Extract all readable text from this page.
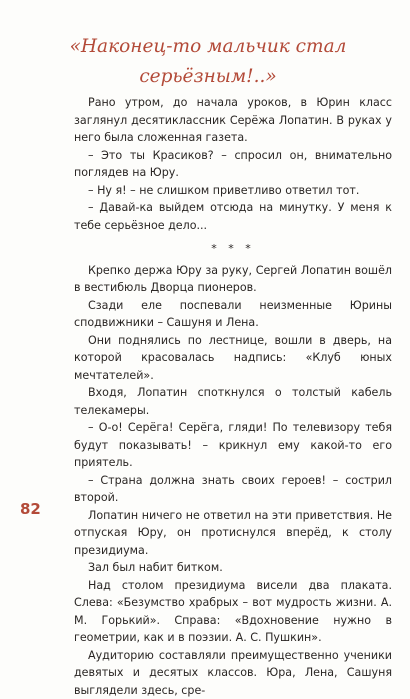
«Наконец-то мальчик стал
серьёзным!..»

Рано утром, до начала уроков, в Юрин класс заглянул десятиклассник Серёжа Лопатин. В руках у него была сложенная газета.

– Это ты Красиков? – спросил он, внимательно поглядев на Юру.

– Ну я! – не слишком приветливо ответил тот.

– Давай-ка выйдем отсюда на минутку. У меня к тебе серьёзное дело...

* * *

Крепко держа Юру за руку, Сергей Лопатин вошёл в вестибюль Дворца пионеров.

Сзади еле поспевали неизменные Юрины сподвижники – Сашуня и Лена.

Они поднялись по лестнице, вошли в дверь, на которой красовалась надпись: «Клуб юных мечтателей».

Входя, Лопатин споткнулся о толстый кабель телекамеры.

– О-о! Серёга! Серёга, гляди! По телевизору тебя будут показывать! – крикнул ему какой-то его приятель.

– Страна должна знать своих героев! – сострил второй.

Лопатин ничего не ответил на эти приветствия. Не отпуская Юру, он протиснулся вперёд, к столу президиума.

Зал был набит битком.

Над столом президиума висели два плаката. Слева: «Безумство храбрых – вот мудрость жизни. А. М. Горький». Справа: «Вдохновение нужно в геометрии, как и в поэзии. А. С. Пушкин».

Аудиторию составляли преимущественно ученики девятых и десятых классов. Юра, Лена, Сашуня выглядели здесь, сре-

82
